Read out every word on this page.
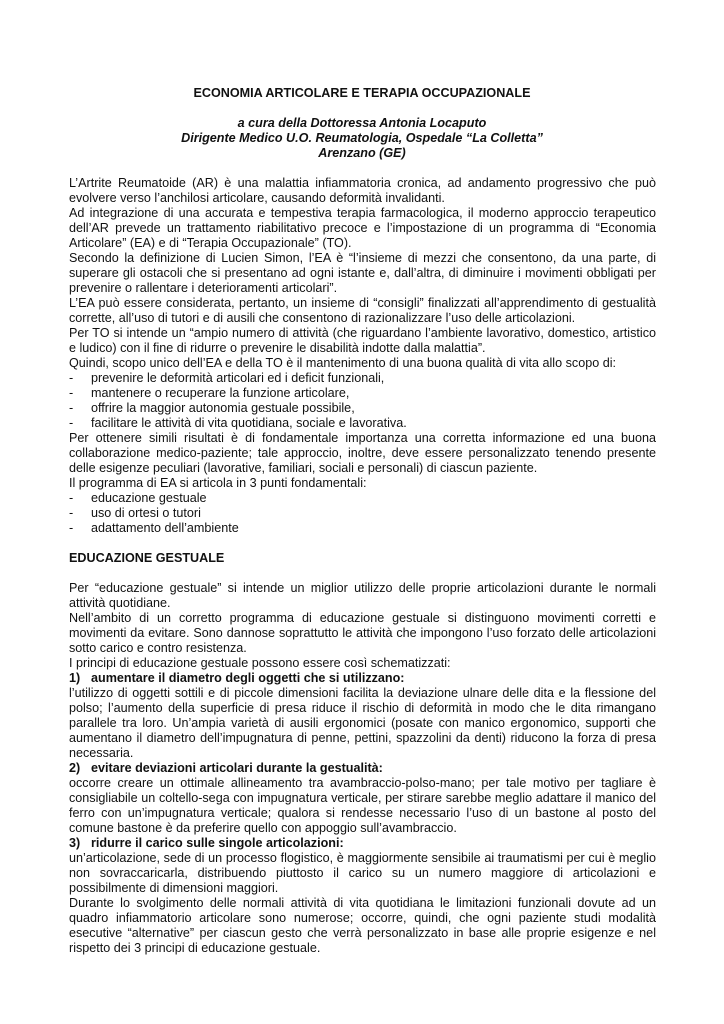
ECONOMIA ARTICOLARE E TERAPIA OCCUPAZIONALE
a cura della Dottoressa Antonia Locaputo
Dirigente Medico U.O. Reumatologia, Ospedale “La Colletta”
Arenzano (GE)

L’Artrite Reumatoide (AR) è una malattia infiammatoria cronica, ad andamento progressivo che può evolvere verso l’anchilosi articolare, causando deformità invalidanti.

Ad integrazione di una accurata e tempestiva terapia farmacologica, il moderno approccio terapeutico dell’AR prevede un trattamento riabilitativo precoce e l’impostazione di un programma di “Economia Articolare” (EA) e di “Terapia Occupazionale” (TO).

Secondo la definizione di Lucien Simon, l’EA è “l’insieme di mezzi che consentono, da una parte, di superare gli ostacoli che si presentano ad ogni istante e, dall’altra, di diminuire i movimenti obbligati per prevenire o rallentare i deterioramenti articolari”.

L’EA può essere considerata, pertanto, un insieme di “consigli” finalizzati all’apprendimento di gestualità corrette, all’uso di tutori e di ausili che consentono di razionalizzare l’uso delle articolazioni.

Per TO si intende un “ampio numero di attività (che riguardano l’ambiente lavorativo, domestico, artistico e ludico) con il fine di ridurre o prevenire le disabilità indotte dalla malattia”.

Quindi, scopo unico dell’EA e della TO è il mantenimento di una buona qualità di vita allo scopo di:

-	prevenire le deformità articolari ed i deficit funzionali,
-	mantenere o recuperare la funzione articolare,
-	offrire la maggior autonomia gestuale possibile,
-	facilitare le attività di vita quotidiana, sociale e lavorativa.

Per ottenere simili risultati è di fondamentale importanza una corretta informazione ed una buona collaborazione medico-paziente; tale approccio, inoltre, deve essere personalizzato tenendo presente delle esigenze peculiari (lavorative, familiari, sociali e personali) di ciascun paziente.

Il programma di EA si articola in 3 punti fondamentali:

-	educazione gestuale
-	uso di ortesi o tutori
-	adattamento dell’ambiente
EDUCAZIONE GESTUALE

Per “educazione gestuale” si intende un miglior utilizzo delle proprie articolazioni durante le normali attività quotidiane.

Nell’ambito di un corretto programma di educazione gestuale si distinguono movimenti corretti e movimenti da evitare. Sono dannose soprattutto le attività che impongono l’uso forzato delle articolazioni sotto carico e contro resistenza.

I principi di educazione gestuale possono essere così schematizzati:

1) aumentare il diametro degli oggetti che si utilizzano:

l’utilizzo di oggetti sottili e di piccole dimensioni facilita la deviazione ulnare delle dita e la flessione del polso; l’aumento della superficie di presa riduce il rischio di deformità in modo che le dita rimangano parallele tra loro. Un’ampia varietà di ausili ergonomici (posate con manico ergonomico, supporti che aumentano il diametro dell’impugnatura di penne, pettini, spazzolini da denti) riducono la forza di presa necessaria.

2) evitare deviazioni articolari durante la gestualità:

occorre creare un ottimale allineamento tra avambraccio-polso-mano; per tale motivo per tagliare è consigliabile un coltello-sega con impugnatura verticale, per stirare sarebbe meglio adattare il manico del ferro con un’impugnatura verticale; qualora si rendesse necessario l’uso di un bastone al posto del comune bastone è da preferire quello con appoggio sull’avambraccio.

3) ridurre il carico sulle singole articolazioni:

un’articolazione, sede di un processo flogistico, è maggiormente sensibile ai traumatismi per cui è meglio non sovraccaricarla, distribuendo piuttosto il carico su un numero maggiore di articolazioni e possibilmente di dimensioni maggiori.

Durante lo svolgimento delle normali attività di vita quotidiana le limitazioni funzionali dovute ad un quadro infiammatorio articolare sono numerose; occorre, quindi, che ogni paziente studi modalità esecutive “alternative” per ciascun gesto che verrà personalizzato in base alle proprie esigenze e nel rispetto dei 3 principi di educazione gestuale.
